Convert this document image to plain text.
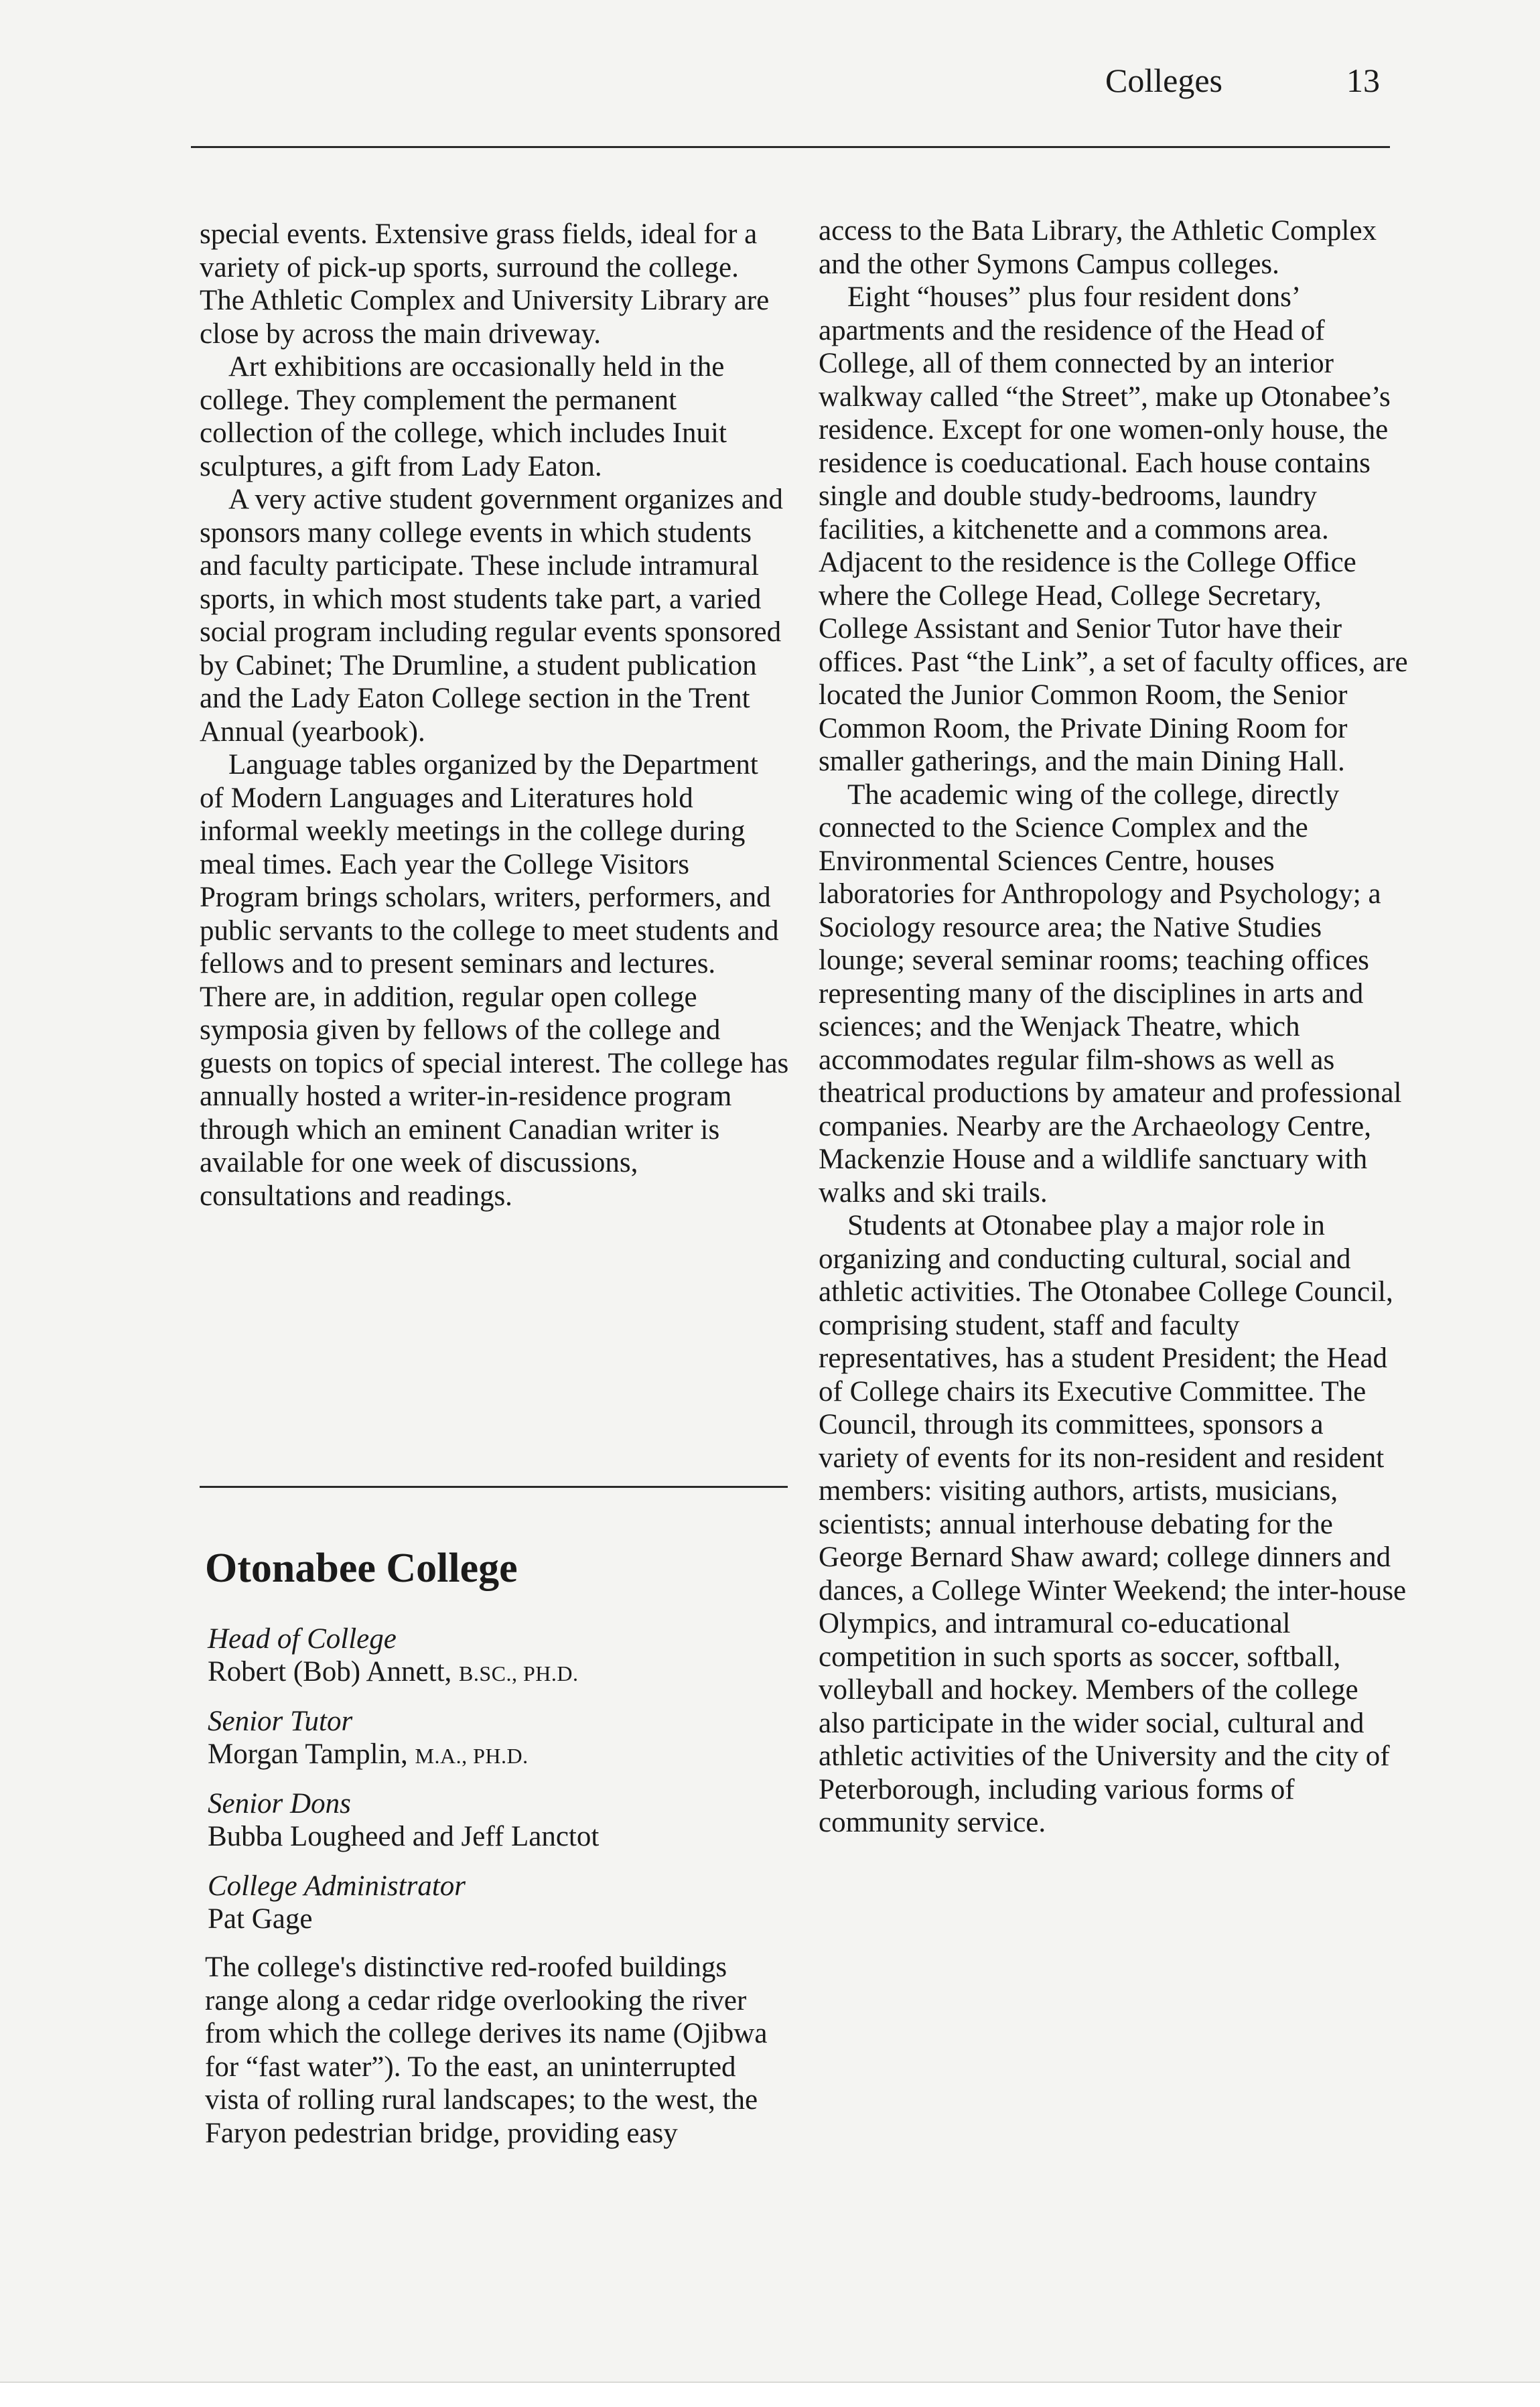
Colleges	13

special events. Extensive grass fields, ideal for a variety of pick-up sports, surround the college. The Athletic Complex and University Library are close by across the main driveway.

Art exhibitions are occasionally held in the college. They complement the permanent collection of the college, which includes Inuit sculptures, a gift from Lady Eaton.

A very active student government organizes and sponsors many college events in which students and faculty participate. These include intramural sports, in which most students take part, a varied social program including regular events sponsored by Cabinet; The Drumline, a student publication and the Lady Eaton College section in the Trent Annual (yearbook).

Language tables organized by the Department of Modern Languages and Literatures hold informal weekly meetings in the college during meal times. Each year the College Visitors Program brings scholars, writers, performers, and public servants to the college to meet students and fellows and to present seminars and lectures. There are, in addition, regular open college symposia given by fellows of the college and guests on topics of special interest. The college has annually hosted a writer-in-residence program through which an eminent Canadian writer is available for one week of discussions, consultations and readings.

Otonabee College
Head of College
Robert (Bob) Annett, B.SC., PH.D.
Senior Tutor
Morgan Tamplin, M.A., PH.D.
Senior Dons
Bubba Lougheed and Jeff Lanctot
College Administrator
Pat Gage

The college's distinctive red-roofed buildings range along a cedar ridge overlooking the river from which the college derives its name (Ojibwa for “fast water”). To the east, an uninterrupted vista of rolling rural landscapes; to the west, the Faryon pedestrian bridge, providing easy

access to the Bata Library, the Athletic Complex and the other Symons Campus colleges.

Eight “houses” plus four resident dons’ apartments and the residence of the Head of College, all of them connected by an interior walkway called “the Street”, make up Otonabee’s residence. Except for one women-only house, the residence is coeducational. Each house contains single and double study-bedrooms, laundry facilities, a kitchenette and a commons area. Adjacent to the residence is the College Office where the College Head, College Secretary, College Assistant and Senior Tutor have their offices. Past “the Link”, a set of faculty offices, are located the Junior Common Room, the Senior Common Room, the Private Dining Room for smaller gatherings, and the main Dining Hall.

The academic wing of the college, directly connected to the Science Complex and the Environmental Sciences Centre, houses laboratories for Anthropology and Psychology; a Sociology resource area; the Native Studies lounge; several seminar rooms; teaching offices representing many of the disciplines in arts and sciences; and the Wenjack Theatre, which accommodates regular film-shows as well as theatrical productions by amateur and professional companies. Nearby are the Archaeology Centre, Mackenzie House and a wildlife sanctuary with walks and ski trails.

Students at Otonabee play a major role in organizing and conducting cultural, social and athletic activities. The Otonabee College Council, comprising student, staff and faculty representatives, has a student President; the Head of College chairs its Executive Committee. The Council, through its committees, sponsors a variety of events for its non-resident and resident members: visiting authors, artists, musicians, scientists; annual interhouse debating for the George Bernard Shaw award; college dinners and dances, a College Winter Weekend; the inter-house Olympics, and intramural co-educational competition in such sports as soccer, softball, volleyball and hockey. Members of the college also participate in the wider social, cultural and athletic activities of the University and the city of Peterborough, including various forms of community service.
